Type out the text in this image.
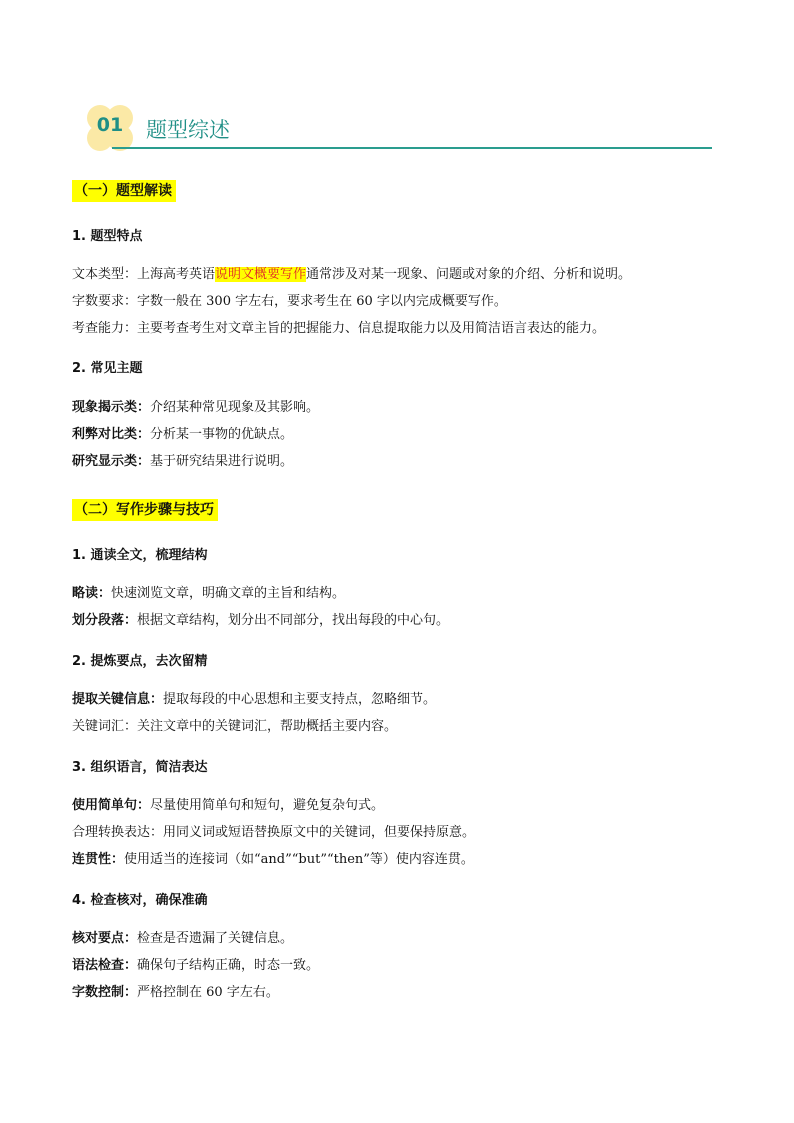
01	题型综述
（一）题型解读
1. 题型特点
文本类型：上海高考英语说明文概要写作通常涉及对某一现象、问题或对象的介绍、分析和说明。
字数要求：字数一般在 300 字左右，要求考生在 60 字以内完成概要写作。
考查能力：主要考查考生对文章主旨的把握能力、信息提取能力以及用简洁语言表达的能力。
2. 常见主题
现象揭示类：介绍某种常见现象及其影响。
利弊对比类：分析某一事物的优缺点。
研究显示类：基于研究结果进行说明。
（二）写作步骤与技巧
1. 通读全文，梳理结构
略读：快速浏览文章，明确文章的主旨和结构。
划分段落：根据文章结构，划分出不同部分，找出每段的中心句。
2. 提炼要点，去次留精
提取关键信息：提取每段的中心思想和主要支持点，忽略细节。
关键词汇：关注文章中的关键词汇，帮助概括主要内容。
3. 组织语言，简洁表达
使用简单句：尽量使用简单句和短句，避免复杂句式。
合理转换表达：用同义词或短语替换原文中的关键词，但要保持原意。
连贯性：使用适当的连接词（如“and”“but”“then”等）使内容连贯。
4. 检查核对，确保准确
核对要点：检查是否遗漏了关键信息。
语法检查：确保句子结构正确，时态一致。
字数控制：严格控制在 60 字左右。
